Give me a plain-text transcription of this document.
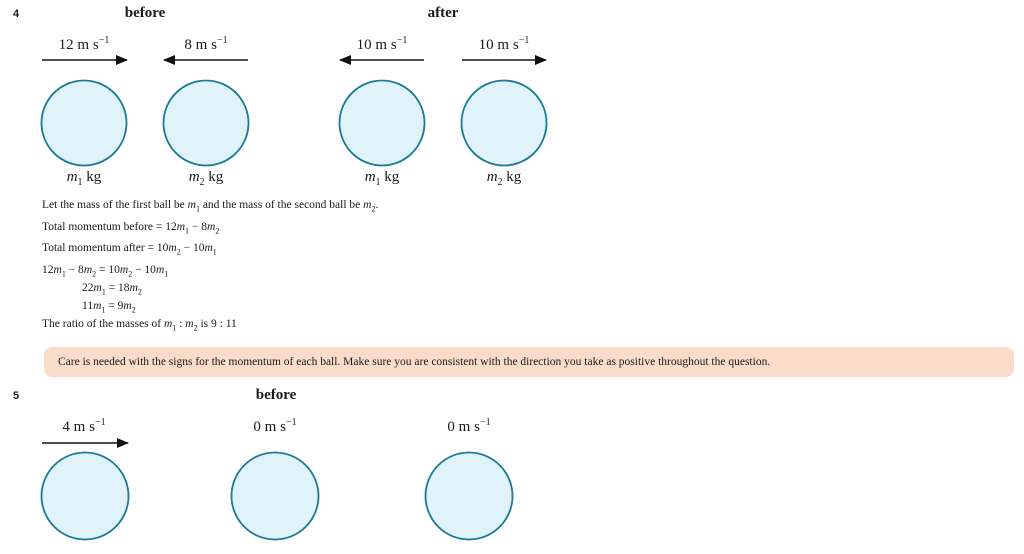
4	before	after
12 m $s^{-1}$	8 m $s^{-1}$	10 m $s^{-1}$	10 m $s^{-1}$
5	before
4 m $s^{-1}$	0 m $s^{-1}$	0 m $s^{-1}$
$m_1$ kg	$m_2$ kg	$m_1$ kg	$m_2$ kg
Let the mass of the first ball be $m_1$ and the mass of the second ball be $m_2$.
Total momentum before = $12m_1 - 8m_2$
Total momentum after = $10m_2 - 10m_1$
$12m_1 - 8m_2 = 10m_2 - 10m_1$
$22m_1 = 18m_2$
$11m_1 = 9m_2$
The ratio of the masses of $m_1$ : $m_2$ is 9 : 11
Care is needed with the signs for the momentum of each ball. Make sure you are consistent with the direction you take as positive throughout the question.
